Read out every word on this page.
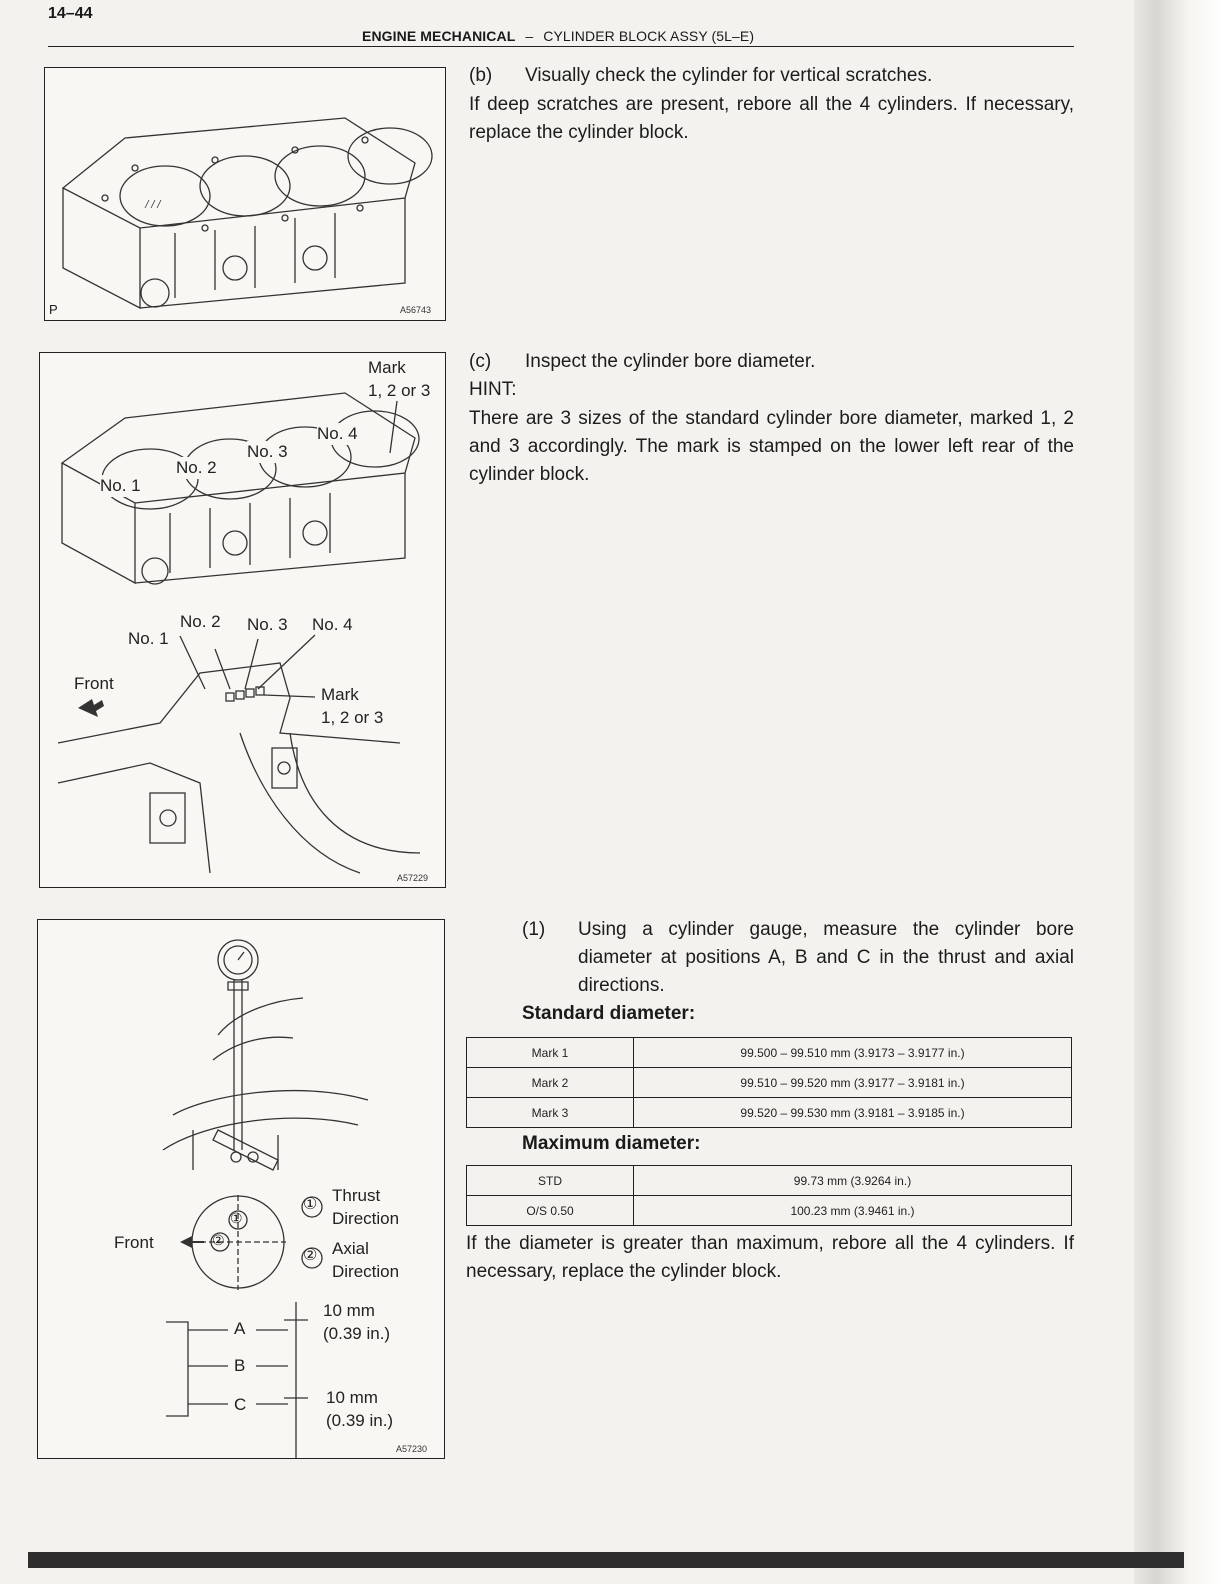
14–44
ENGINE MECHANICAL – CYLINDER BLOCK ASSY (5L–E)
P	A56743
Mark
1, 2 or 3
No. 1
No. 2
No. 3
No. 4
No. 1
No. 2 No. 3 No. 4
Front
Mark
1, 2 or 3
A57229
①
②
①
②
Thrust
Direction
Axial
Direction
Front
A
B
C
10 mm
(0.39 in.)
10 mm
(0.39 in.)
A57230
(b) Visually check the cylinder for vertical scratches.
If deep scratches are present, rebore all the 4 cylinders. If necessary, replace the cylinder block.
(c) Inspect the cylinder bore diameter.
HINT:
There are 3 sizes of the standard cylinder bore diameter, marked 1, 2 and 3 accordingly. The mark is stamped on the lower left rear of the cylinder block.
(1) Using a cylinder gauge, measure the cylinder bore diameter at positions A, B and C in the thrust and axial directions.
Standard diameter:
Mark 1	99.500 – 99.510 mm (3.9173 – 3.9177 in.)
Mark 2	99.510 – 99.520 mm (3.9177 – 3.9181 in.)
Mark 3	99.520 – 99.530 mm (3.9181 – 3.9185 in.)
Maximum diameter:
STD	99.73 mm (3.9264 in.)
O/S 0.50	100.23 mm (3.9461 in.)
If the diameter is greater than maximum, rebore all the 4 cylinders. If necessary, replace the cylinder block.
